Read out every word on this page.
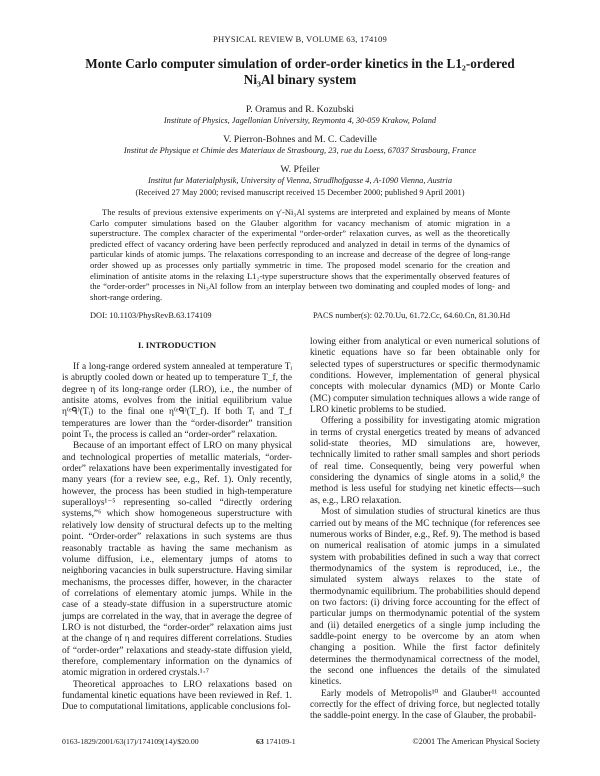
PHYSICAL REVIEW B, VOLUME 63, 174109
Monte Carlo computer simulation of order-order kinetics in the L1₂-ordered Ni₃Al binary system
P. Oramus and R. Kozubski
Institute of Physics, Jagellonian University, Reymonta 4, 30-059 Krakow, Poland
V. Pierron-Bohnes and M. C. Cadeville
Institut de Physique et Chimie des Materiaux de Strasbourg, 23, rue du Loess, 67037 Strasbourg, France
W. Pfeiler
Institut fur Materialphysik, University of Vienna, Strudlhofgasse 4, A-1090 Vienna, Austria
(Received 27 May 2000; revised manuscript received 15 December 2000; published 9 April 2001)
The results of previous extensive experiments on γ′-Ni₃Al systems are interpreted and explained by means of Monte Carlo computer simulations based on the Glauber algorithm for vacancy mechanism of atomic migration in a superstructure. The complex character of the experimental “order-order” relaxation curves, as well as the theoretically predicted effect of vacancy ordering have been perfectly reproduced and analyzed in detail in terms of the dynamics of particular kinds of atomic jumps. The relaxations corresponding to an increase and decrease of the degree of long-range order showed up as processes only partially symmetric in time. The proposed model scenario for the creation and elimination of antisite atoms in the relaxing L1₂-type superstructure shows that the experimentally observed features of the “order-order” processes in Ni₃Al follow from an interplay between two dominating and coupled modes of long- and short-range ordering.
DOI: 10.1103/PhysRevB.63.174109	PACS number(s): 02.70.Uu, 61.72.Cc, 64.60.Cn, 81.30.Hd
I. INTRODUCTION

If a long-range ordered system annealed at temperature Tᵢ is abruptly cooled down or heated up to temperature T_f, the degree η of its long-range order (LRO), i.e., the number of antisite atoms, evolves from the initial equilibrium value η⁽ᵉᑫ⁾(Tᵢ) to the final one η⁽ᵉᑫ⁾(T_f). If both Tᵢ and T_f temperatures are lower than the “order-disorder” transition point Tₜ, the process is called an “order-order” relaxation.

Because of an important effect of LRO on many physical and technological properties of metallic materials, “order-order” relaxations have been experimentally investigated for many years (for a review see, e.g., Ref. 1). Only recently, however, the process has been studied in high-temperature superalloys¹⁻⁵ representing so-called “directly ordering systems,”⁶ which show homogeneous superstructure with relatively low density of structural defects up to the melting point. “Order-order” relaxations in such systems are thus reasonably tractable as having the same mechanism as volume diffusion, i.e., elementary jumps of atoms to neighboring vacancies in bulk superstructure. Having similar mechanisms, the processes differ, however, in the character of correlations of elementary atomic jumps. While in the case of a steady-state diffusion in a superstructure atomic jumps are correlated in the way, that in average the degree of LRO is not disturbed, the “order-order” relaxation aims just at the change of η and requires different correlations. Studies of “order-order” relaxations and steady-state diffusion yield, therefore, complementary information on the dynamics of atomic migration in ordered crystals.¹·⁷

Theoretical approaches to LRO relaxations based on fundamental kinetic equations have been reviewed in Ref. 1. Due to computational limitations, applicable conclusions fol-

lowing either from analytical or even numerical solutions of kinetic equations have so far been obtainable only for selected types of superstructures or specific thermodynamic conditions. However, implementation of general physical concepts with molecular dynamics (MD) or Monte Carlo (MC) computer simulation techniques allows a wide range of LRO kinetic problems to be studied.

Offering a possibility for investigating atomic migration in terms of crystal energetics treated by means of advanced solid-state theories, MD simulations are, however, technically limited to rather small samples and short periods of real time. Consequently, being very powerful when considering the dynamics of single atoms in a solid,⁸ the method is less useful for studying net kinetic effects—such as, e.g., LRO relaxation.

Most of simulation studies of structural kinetics are thus carried out by means of the MC technique (for references see numerous works of Binder, e.g., Ref. 9). The method is based on numerical realisation of atomic jumps in a simulated system with probabilities defined in such a way that correct thermodynamics of the system is reproduced, i.e., the simulated system always relaxes to the state of thermodynamic equilibrium. The probabilities should depend on two factors: (i) driving force accounting for the effect of particular jumps on thermodynamic potential of the system and (ii) detailed energetics of a single jump including the saddle-point energy to be overcome by an atom when changing a position. While the first factor definitely determines the thermodynamical correctness of the model, the second one influences the details of the simulated kinetics.

Early models of Metropolis¹⁰ and Glauber¹¹ accounted correctly for the effect of driving force, but neglected totally the saddle-point energy. In the case of Glauber, the probabil-

0163-1829/2001/63(17)/174109(14)/$20.00	63 174109-1	©2001 The American Physical Society
